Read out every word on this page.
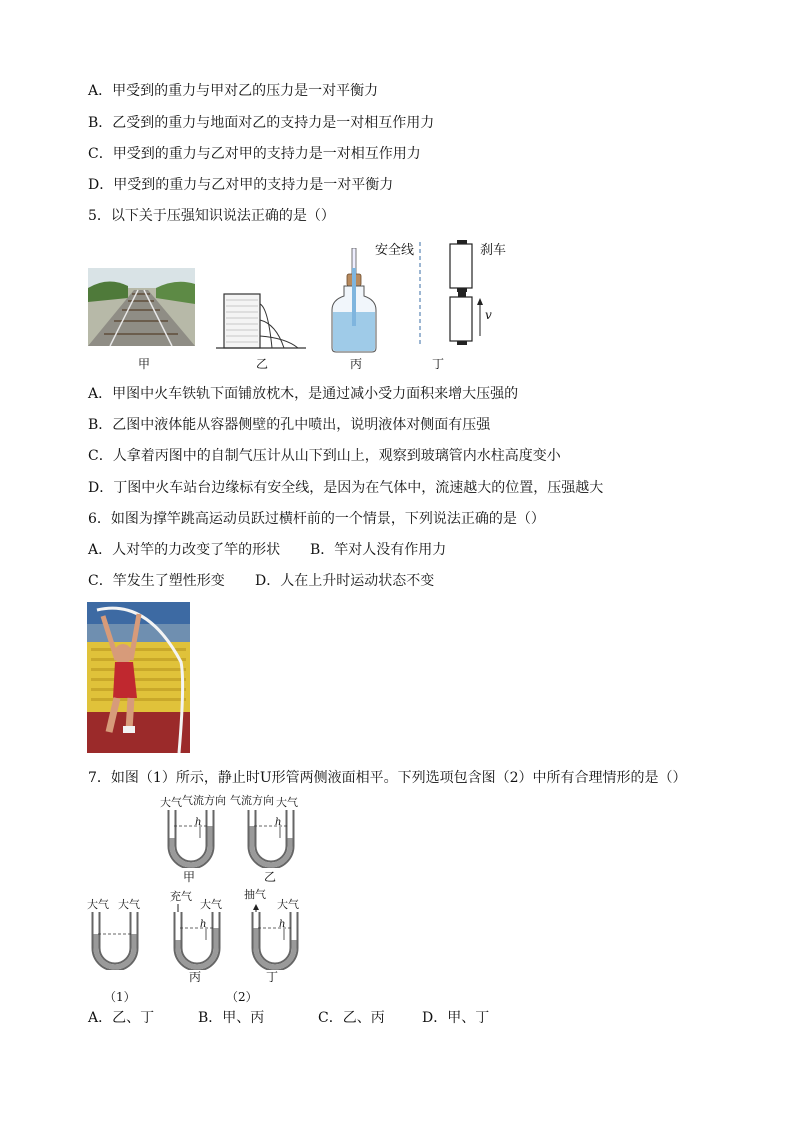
A．甲受到的重力与甲对乙的压力是一对平衡力
B．乙受到的重力与地面对乙的支持力是一对相互作用力
C．甲受到的重力与乙对甲的支持力是一对相互作用力
D．甲受到的重力与乙对甲的支持力是一对平衡力
5．以下关于压强知识说法正确的是（）
甲	乙	丙
安全线	刹车
v
丁
A．甲图中火车铁轨下面铺放枕木，是通过减小受力面积来增大压强的
B．乙图中液体能从容器侧壁的孔中喷出，说明液体对侧面有压强
C．人拿着丙图中的自制气压计从山下到山上，观察到玻璃管内水柱高度变小
D．丁图中火车站台边缘标有安全线，是因为在气体中，流速越大的位置，压强越大
6．如图为撑竿跳高运动员跃过横杆前的一个情景，下列说法正确的是（）
A．人对竿的力改变了竿的形状 B．竿对人没有作用力
C．竿发生了塑性形变 D．人在上升时运动状态不变
7．如图（1）所示，静止时U形管两侧液面相平。下列选项包含图（2）中所有合理情形的是（）
大气 气流方向
h
甲
气流方向 大气
h
乙
大气 大气
（1）
充气
大气
h
丙
（2）
抽气
大气
h
丁
A．乙、丁	B．甲、丙	C．乙、丙	D．甲、丁
